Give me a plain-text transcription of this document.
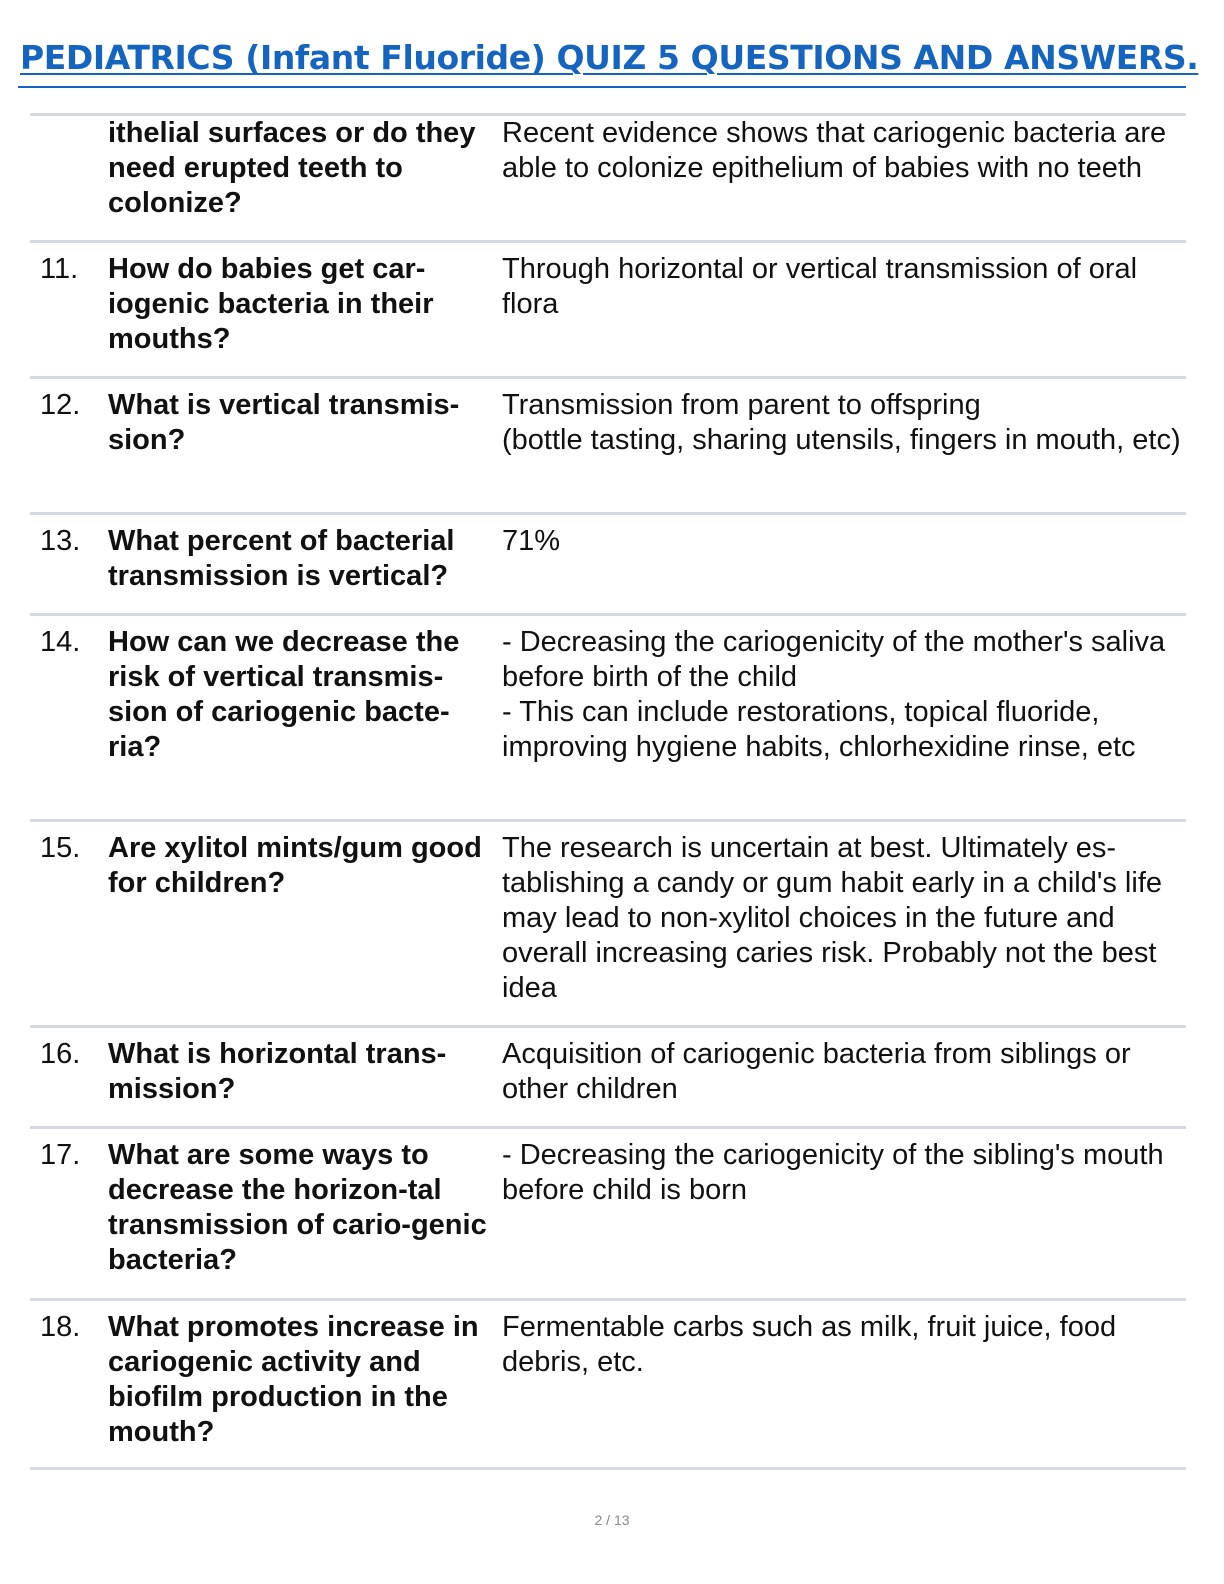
PEDIATRICS (Infant Fluoride) QUIZ 5 QUESTIONS AND ANSWERS.
ithelial surfaces or do they need erupted teeth to colonize?
Recent evidence shows that cariogenic bacteria are able to colonize epithelium of babies with no teeth
11.	How do babies get car-iogenic bacteria in their mouths?
Through horizontal or vertical transmission of oral flora
12. What is vertical transmis-sion?
Transmission from parent to offspring
(bottle tasting, sharing utensils, fingers in mouth, etc)
13. What percent of bacterial transmission is vertical?
71%
14. How can we decrease the risk of vertical transmis-sion of cariogenic bacte-ria?
- Decreasing the cariogenicity of the mother's saliva before birth of the child
- This can include restorations, topical fluoride, improving hygiene habits, chlorhexidine rinse, etc
15. Are xylitol mints/gum good for children?
The research is uncertain at best. Ultimately es-tablishing a candy or gum habit early in a child's life may lead to non-xylitol choices in the future and overall increasing caries risk. Probably not the best idea
16. What is horizontal trans-mission?
Acquisition of cariogenic bacteria from siblings or other children
17. What are some ways to decrease the horizon-tal transmission of cario-genic bacteria?
- Decreasing the cariogenicity of the sibling's mouth before child is born
18. What promotes increase in cariogenic activity and biofilm production in the mouth?
Fermentable carbs such as milk, fruit juice, food debris, etc.
2 / 13
